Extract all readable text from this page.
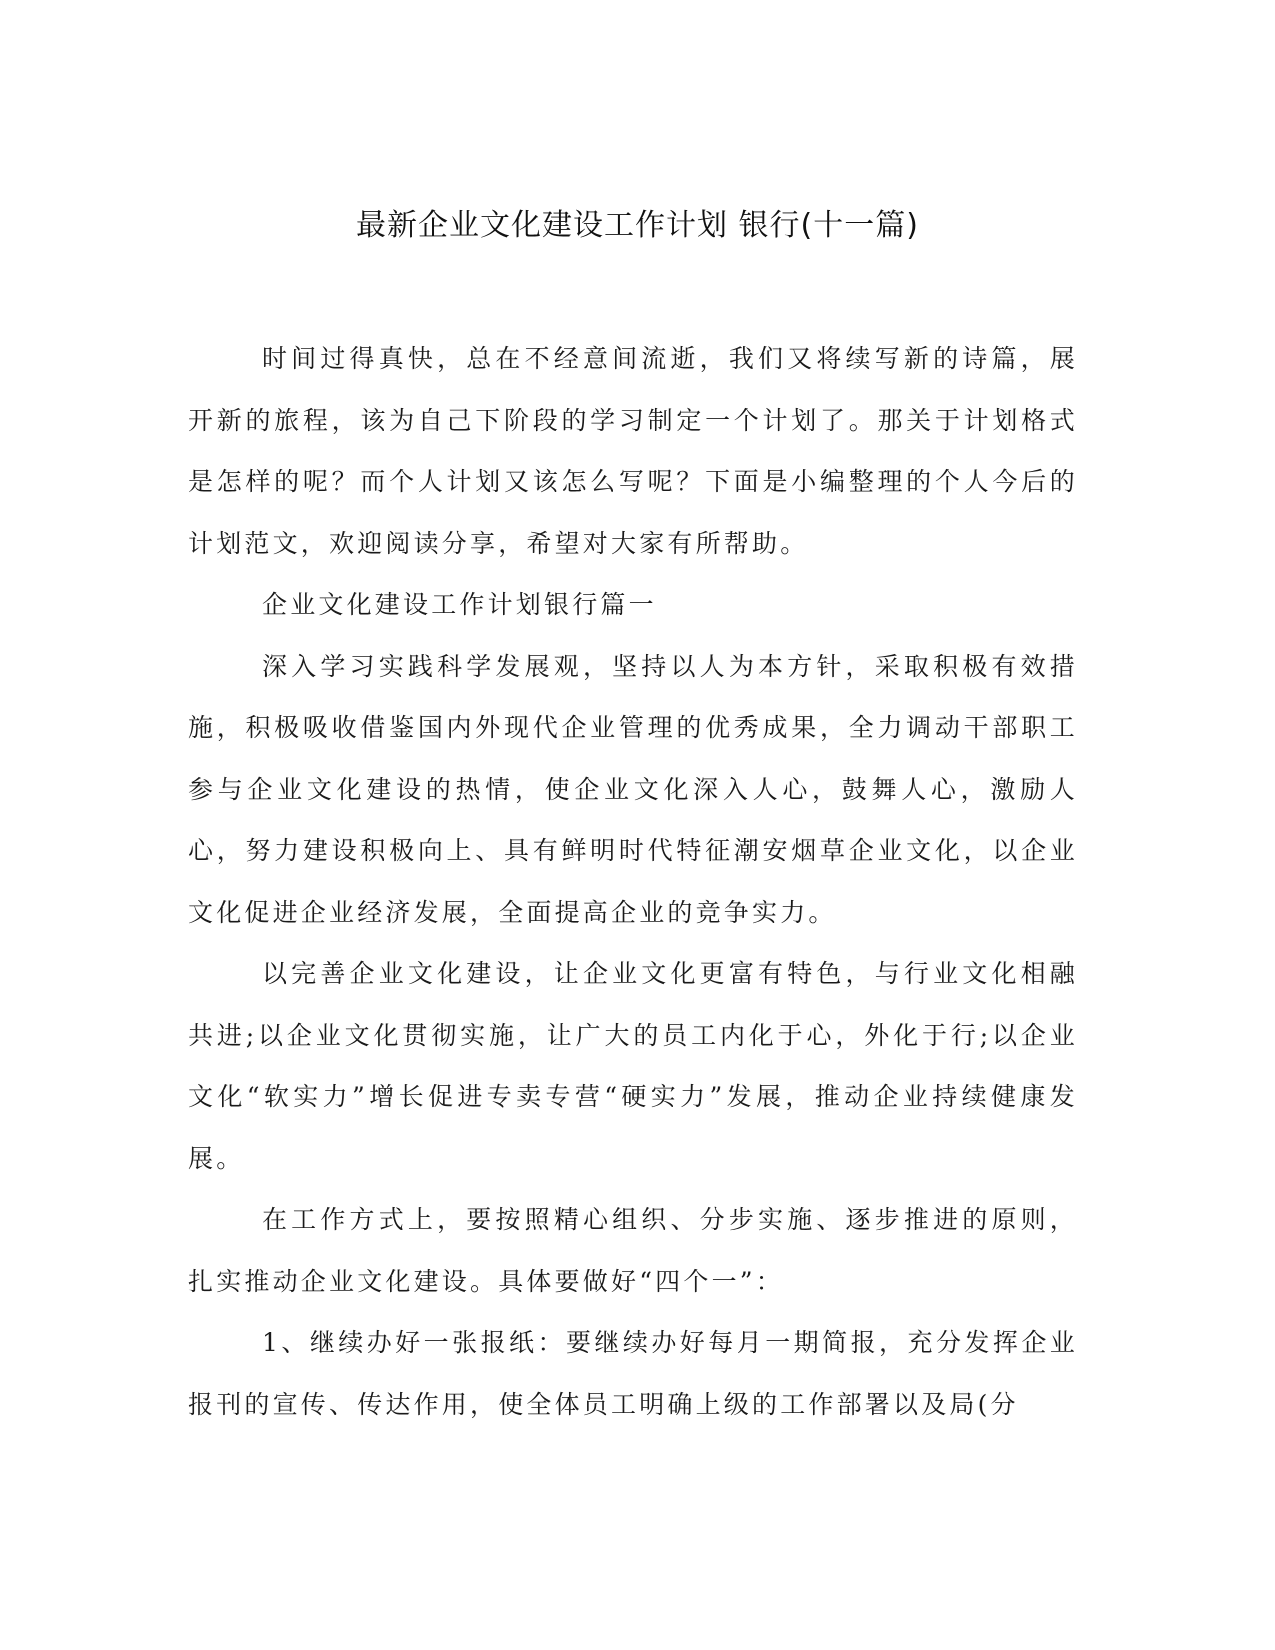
最新企业文化建设工作计划 银行(十一篇)

时间过得真快，总在不经意间流逝，我们又将续写新的诗篇，展开新的旅程，该为自己下阶段的学习制定一个计划了。那关于计划格式是怎样的呢？而个人计划又该怎么写呢？下面是小编整理的个人今后的计划范文，欢迎阅读分享，希望对大家有所帮助。

企业文化建设工作计划银行篇一

深入学习实践科学发展观，坚持以人为本方针，采取积极有效措施，积极吸收借鉴国内外现代企业管理的优秀成果，全力调动干部职工参与企业文化建设的热情，使企业文化深入人心，鼓舞人心，激励人心，努力建设积极向上、具有鲜明时代特征潮安烟草企业文化，以企业文化促进企业经济发展，全面提高企业的竞争实力。

以完善企业文化建设，让企业文化更富有特色，与行业文化相融共进;以企业文化贯彻实施，让广大的员工内化于心，外化于行;以企业文化“软实力”增长促进专卖专营“硬实力”发展，推动企业持续健康发展。

在工作方式上，要按照精心组织、分步实施、逐步推进的原则，扎实推动企业文化建设。具体要做好“四个一”：

1、继续办好一张报纸：要继续办好每月一期简报，充分发挥企业报刊的宣传、传达作用，使全体员工明确上级的工作部署以及局(分
